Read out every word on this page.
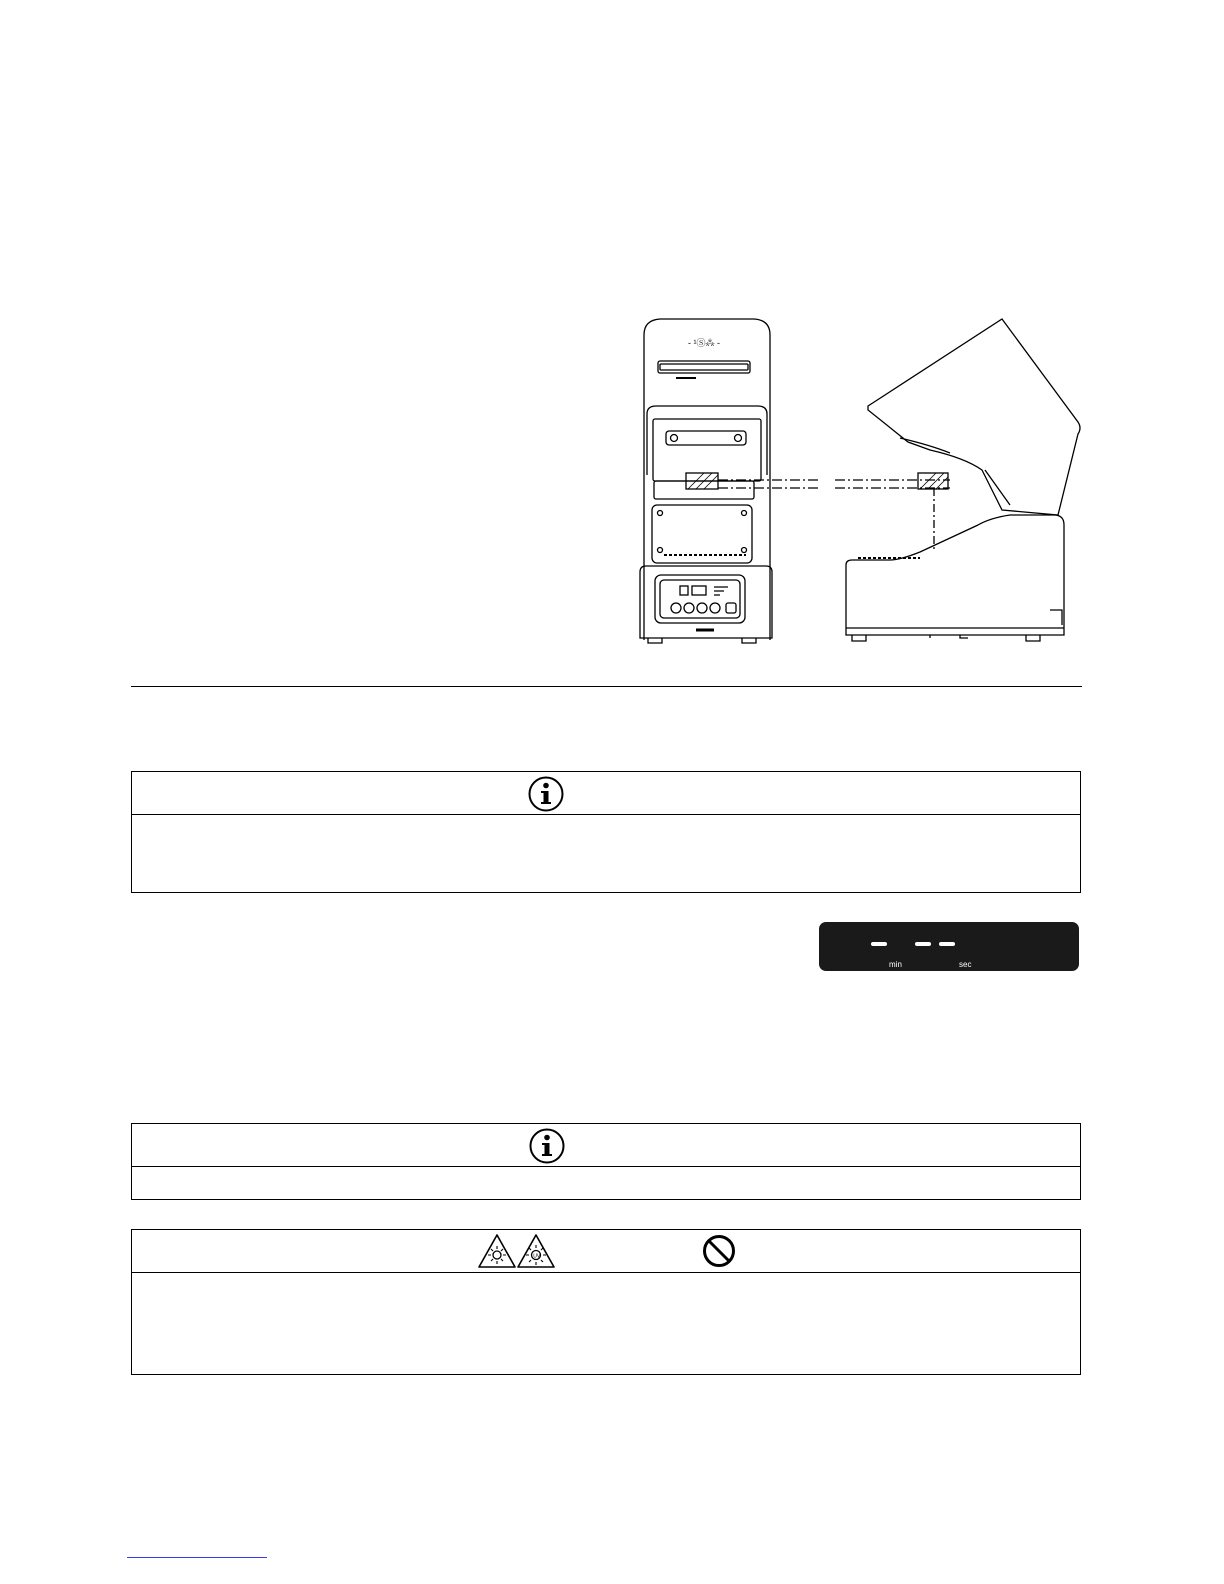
- ¹Ⓢ⁂ -
min	sec
UV
